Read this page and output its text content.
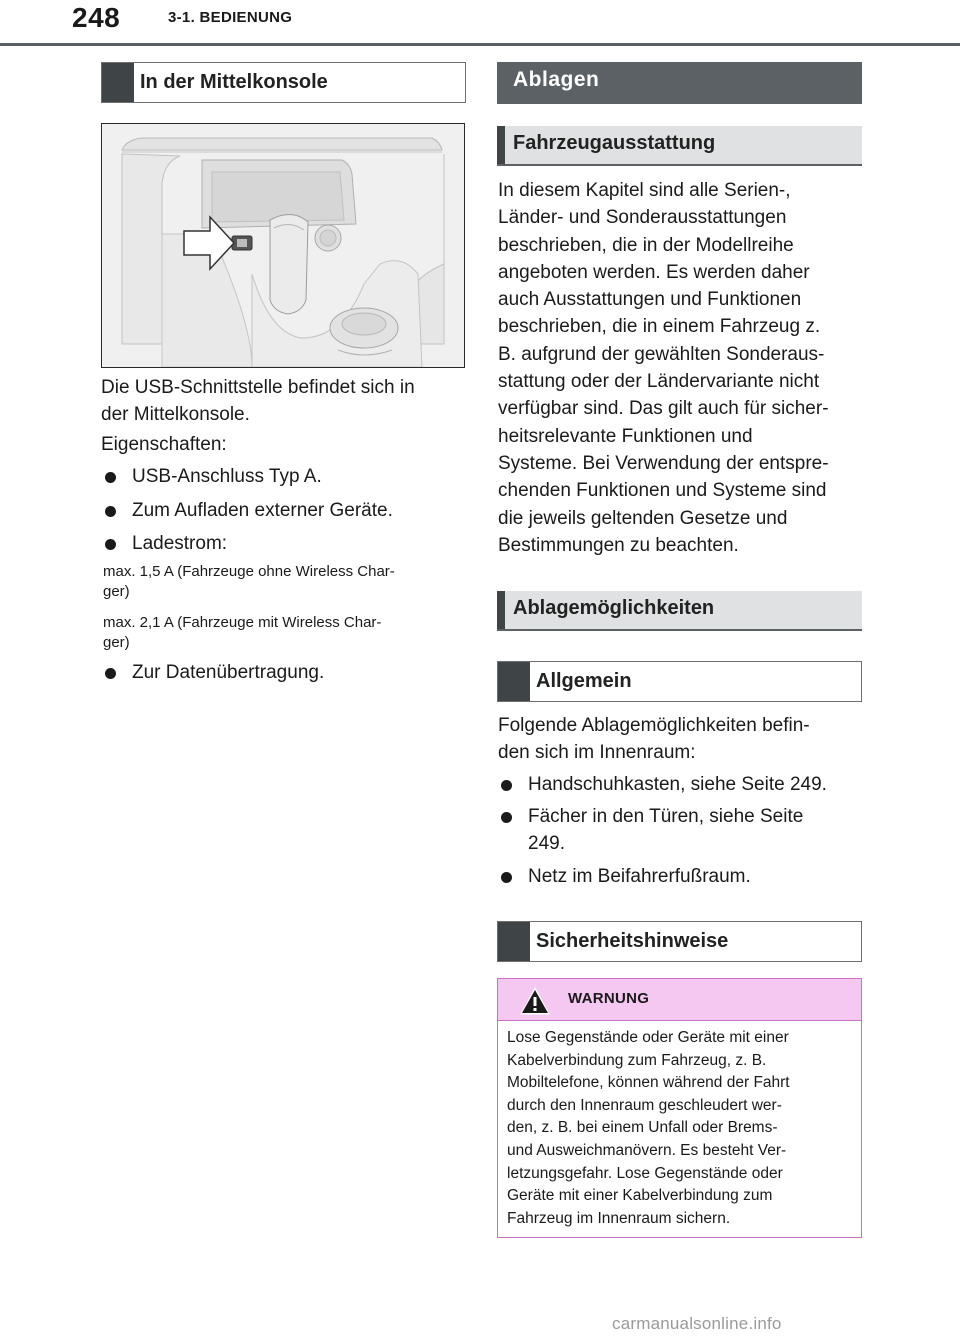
248	3-1. BEDIENUNG
In der Mittelkonsole
Die USB-Schnittstelle befindet sich in
der Mittelkonsole.
Eigenschaften:
USB-Anschluss Typ A.
Zum Aufladen externer Geräte.
Ladestrom:
max. 1,5 A (Fahrzeuge ohne Wireless Char-
ger)
max. 2,1 A (Fahrzeuge mit Wireless Char-
ger)
Zur Datenübertragung.
Ablagen
Fahrzeugausstattung
In diesem Kapitel sind alle Serien-,
Länder- und Sonderausstattungen
beschrieben, die in der Modellreihe
angeboten werden. Es werden daher
auch Ausstattungen und Funktionen
beschrieben, die in einem Fahrzeug z.
B. aufgrund der gewählten Sonderaus-
stattung oder der Ländervariante nicht
verfügbar sind. Das gilt auch für sicher-
heitsrelevante Funktionen und
Systeme. Bei Verwendung der entspre-
chenden Funktionen und Systeme sind
die jeweils geltenden Gesetze und
Bestimmungen zu beachten.
Ablagemöglichkeiten
Allgemein
Folgende Ablagemöglichkeiten befin-
den sich im Innenraum:
Handschuhkasten, siehe Seite 249.
Fächer in den Türen, siehe Seite
249.
Netz im Beifahrerfußraum.
Sicherheitshinweise
WARNUNG
Lose Gegenstände oder Geräte mit einer
Kabelverbindung zum Fahrzeug, z. B.
Mobiltelefone, können während der Fahrt
durch den Innenraum geschleudert wer-
den, z. B. bei einem Unfall oder Brems-
und Ausweichmanövern. Es besteht Ver-
letzungsgefahr. Lose Gegenstände oder
Geräte mit einer Kabelverbindung zum
Fahrzeug im Innenraum sichern.
carmanualsonline.info
